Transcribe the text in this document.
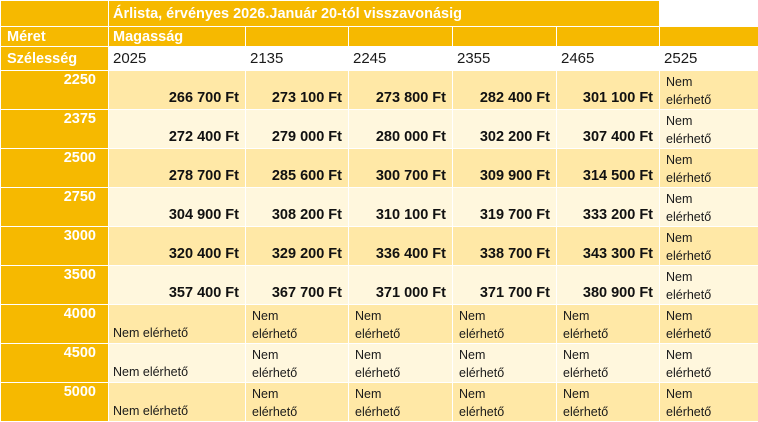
	Árlista, érvényes 2026.Január 20-tól visszavonásig					
Méret	Magasság					
Szélesség	2025	2135	2245	2355	2465	2525
2250	266 700 Ft	273 100 Ft	273 800 Ft	282 400 Ft	301 100 Ft	Nem
elérhető

2375	272 400 Ft	279 000 Ft	280 000 Ft	302 200 Ft	307 400 Ft	Nem
elérhető

2500	278 700 Ft	285 600 Ft	300 700 Ft	309 900 Ft	314 500 Ft	Nem
elérhető

2750	304 900 Ft	308 200 Ft	310 100 Ft	319 700 Ft	333 200 Ft	Nem
elérhető

3000	320 400 Ft	329 200 Ft	336 400 Ft	338 700 Ft	343 300 Ft	Nem
elérhető

3500	357 400 Ft	367 700 Ft	371 000 Ft	371 700 Ft	380 900 Ft	Nem
elérhető

4000	Nem elérhető	Nem
elérhető	Nem
elérhető	Nem
elérhető	Nem
elérhető	Nem
elérhető

4500	Nem elérhető	Nem
elérhető	Nem
elérhető	Nem
elérhető	Nem
elérhető	Nem
elérhető

5000	Nem elérhető	Nem
elérhető	Nem
elérhető	Nem
elérhető	Nem
elérhető	Nem
elérhető
